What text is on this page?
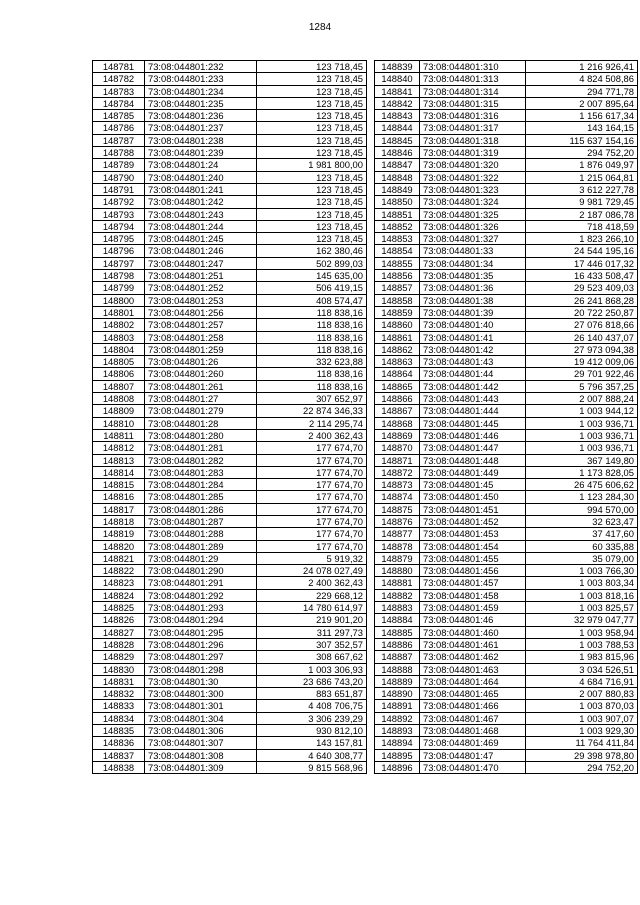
1284
148781	73:08:044801:232	123 718,45
148782	73:08:044801:233	123 718,45
148783	73:08:044801:234	123 718,45
148784	73:08:044801:235	123 718,45
148785	73:08:044801:236	123 718,45
148786	73:08:044801:237	123 718,45
148787	73:08:044801:238	123 718,45
148788	73:08:044801:239	123 718,45
148789	73:08:044801:24	1 981 800,00
148790	73:08:044801:240	123 718,45
148791	73:08:044801:241	123 718,45
148792	73:08:044801:242	123 718,45
148793	73:08:044801:243	123 718,45
148794	73:08:044801:244	123 718,45
148795	73:08:044801:245	123 718,45
148796	73:08:044801:246	162 380,46
148797	73:08:044801:247	502 899,03
148798	73:08:044801:251	145 635,00
148799	73:08:044801:252	506 419,15
148800	73:08:044801:253	408 574,47
148801	73:08:044801:256	118 838,16
148802	73:08:044801:257	118 838,16
148803	73:08:044801:258	118 838,16
148804	73:08:044801:259	118 838,16
148805	73:08:044801:26	332 623,88
148806	73:08:044801:260	118 838,16
148807	73:08:044801:261	118 838,16
148808	73:08:044801:27	307 652,97
148809	73:08:044801:279	22 874 346,33
148810	73:08:044801:28	2 114 295,74
148811	73:08:044801:280	2 400 362,43
148812	73:08:044801:281	177 674,70
148813	73:08:044801:282	177 674,70
148814	73:08:044801:283	177 674,70
148815	73:08:044801:284	177 674,70
148816	73:08:044801:285	177 674,70
148817	73:08:044801:286	177 674,70
148818	73:08:044801:287	177 674,70
148819	73:08:044801:288	177 674,70
148820	73:08:044801:289	177 674,70
148821	73:08:044801:29	5 919,32
148822	73:08:044801:290	24 078 027,49
148823	73:08:044801:291	2 400 362,43
148824	73:08:044801:292	229 668,12
148825	73:08:044801:293	14 780 614,97
148826	73:08:044801:294	219 901,20
148827	73:08:044801:295	311 297,73
148828	73:08:044801:296	307 352,57
148829	73:08:044801:297	308 667,62
148830	73:08:044801:298	1 003 306,93
148831	73:08:044801:30	23 686 743,20
148832	73:08:044801:300	883 651,87
148833	73:08:044801:301	4 408 706,75
148834	73:08:044801:304	3 306 239,29
148835	73:08:044801:306	930 812,10
148836	73:08:044801:307	143 157,81
148837	73:08:044801:308	4 640 308,77
148838	73:08:044801:309	9 815 568,96
148839	73:08:044801:310	1 216 926,41
148840	73:08:044801:313	4 824 508,86
148841	73:08:044801:314	294 771,78
148842	73:08:044801:315	2 007 895,64
148843	73:08:044801:316	1 156 617,34
148844	73:08:044801:317	143 164,15
148845	73:08:044801:318	115 637 154,16
148846	73:08:044801:319	294 752,20
148847	73:08:044801:320	1 876 049,97
148848	73:08:044801:322	1 215 064,81
148849	73:08:044801:323	3 612 227,78
148850	73:08:044801:324	9 981 729,45
148851	73:08:044801:325	2 187 086,78
148852	73:08:044801:326	718 418,59
148853	73:08:044801:327	1 823 266,10
148854	73:08:044801:33	24 544 195,16
148855	73:08:044801:34	17 446 017,32
148856	73:08:044801:35	16 433 508,47
148857	73:08:044801:36	29 523 409,03
148858	73:08:044801:38	26 241 868,28
148859	73:08:044801:39	20 722 250,87
148860	73:08:044801:40	27 076 818,66
148861	73:08:044801:41	26 140 437,07
148862	73:08:044801:42	27 973 094,38
148863	73:08:044801:43	19 412 009,06
148864	73:08:044801:44	29 701 922,46
148865	73:08:044801:442	5 796 357,25
148866	73:08:044801:443	2 007 888,24
148867	73:08:044801:444	1 003 944,12
148868	73:08:044801:445	1 003 936,71
148869	73:08:044801:446	1 003 936,71
148870	73:08:044801:447	1 003 936,71
148871	73:08:044801:448	367 149,80
148872	73:08:044801:449	1 173 828,05
148873	73:08:044801:45	26 475 606,62
148874	73:08:044801:450	1 123 284,30
148875	73:08:044801:451	994 570,00
148876	73:08:044801:452	32 623,47
148877	73:08:044801:453	37 417,60
148878	73:08:044801:454	60 335,88
148879	73:08:044801:455	35 079,00
148880	73:08:044801:456	1 003 766,30
148881	73:08:044801:457	1 003 803,34
148882	73:08:044801:458	1 003 818,16
148883	73:08:044801:459	1 003 825,57
148884	73:08:044801:46	32 979 047,77
148885	73:08:044801:460	1 003 958,94
148886	73:08:044801:461	1 003 788,53
148887	73:08:044801:462	1 983 815,96
148888	73:08:044801:463	3 034 526,51
148889	73:08:044801:464	4 684 716,91
148890	73:08:044801:465	2 007 880,83
148891	73:08:044801:466	1 003 870,03
148892	73:08:044801:467	1 003 907,07
148893	73:08:044801:468	1 003 929,30
148894	73:08:044801:469	11 764 411,84
148895	73:08:044801:47	29 398 978,80
148896	73:08:044801:470	294 752,20
